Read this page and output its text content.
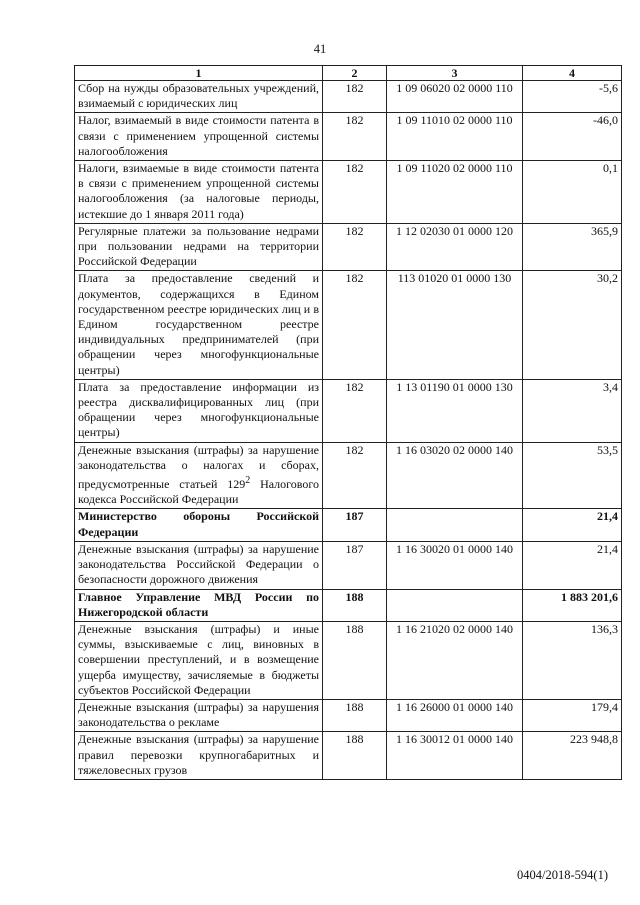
41
1	2	3	4
Сбор на нужды образовательных учреждений, взимаемый с юридических лиц	182	1 09 06020 02 0000 110	-5,6
Налог, взимаемый в виде стоимости патента в связи с применением упрощенной системы налогообложения	182	1 09 11010 02 0000 110	-46,0
Налоги, взимаемые в виде стоимости патента в связи с применением упрощенной системы налогообложения (за налоговые периоды, истекшие до 1 января 2011 года)	182	1 09 11020 02 0000 110	0,1
Регулярные платежи за пользование недрами при пользовании недрами на территории Российской Федерации	182	1 12 02030 01 0000 120	365,9
Плата за предоставление сведений и документов, содержащихся в Едином государственном реестре юридических лиц и в Едином государственном реестре индивидуальных предпринимателей (при обращении через многофункциональные центры)	182	113 01020 01 0000 130	30,2
Плата за предоставление информации из реестра дисквалифицированных лиц (при обращении через многофункциональные центры)	182	1 13 01190 01 0000 130	3,4
Денежные взыскания (штрафы) за нарушение законодательства о налогах и сборах, предусмотренные статьей $129^2$ Налогового кодекса Российской Федерации	182	1 16 03020 02 0000 140	53,5
Министерство обороны Российской Федерации	187		21,4
Денежные взыскания (штрафы) за нарушение законодательства Российской Федерации о безопасности дорожного движения	187	1 16 30020 01 0000 140	21,4
Главное Управление МВД России по Нижегородской области	188		1 883 201,6
Денежные взыскания (штрафы) и иные суммы, взыскиваемые с лиц, виновных в совершении преступлений, и в возмещение ущерба имуществу, зачисляемые в бюджеты субъектов Российской Федерации	188	1 16 21020 02 0000 140	136,3
Денежные взыскания (штрафы) за нарушения законодательства о рекламе	188	1 16 26000 01 0000 140	179,4
Денежные взыскания (штрафы) за нарушение правил перевозки крупногабаритных и тяжеловесных грузов	188	1 16 30012 01 0000 140	223 948,8
0404/2018-594(1)
